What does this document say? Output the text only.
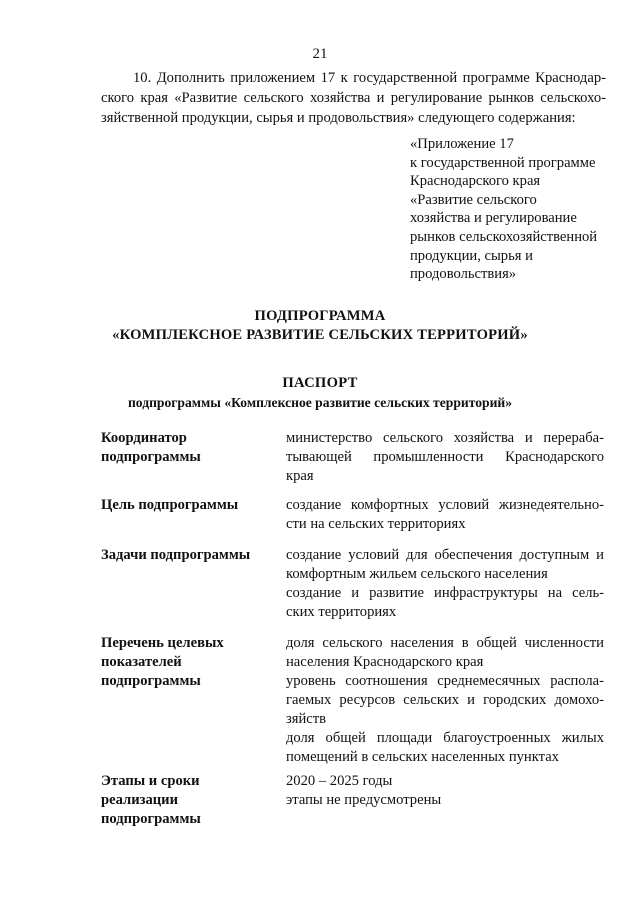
21
10. Дополнить приложением 17 к государственной программе Краснодар-
ского края «Развитие сельского хозяйства и регулирование рынков сельскохо-
зяйственной продукции, сырья и продовольствия» следующего содержания:
«Приложение 17
к государственной программе
Краснодарского края
«Развитие сельского
хозяйства и регулирование
рынков сельскохозяйственной
продукции, сырья и
продовольствия»
ПОДПРОГРАММА
«КОМПЛЕКСНОЕ РАЗВИТИЕ СЕЛЬСКИХ ТЕРРИТОРИЙ»
ПАСПОРТ
подпрограммы «Комплексное развитие сельских территорий»
Координатор
подпрограммы
министерство сельского хозяйства и перераба-
тывающей промышленности Краснодарского
края
Цель подпрограммы	создание комфортных условий жизнедеятельно-
сти на сельских территориях
Задачи подпрограммы	создание условий для обеспечения доступным и
комфортным жильем сельского населения
создание и развитие инфраструктуры на сель-
ских территориях
Перечень целевых
показателей
подпрограммы
доля сельского населения в общей численности
населения Краснодарского края
уровень соотношения среднемесячных распола-
гаемых ресурсов сельских и городских домохо-
зяйств
доля общей площади благоустроенных жилых
помещений в сельских населенных пунктах
Этапы и сроки
реализации
подпрограммы
2020 – 2025 годы
этапы не предусмотрены
